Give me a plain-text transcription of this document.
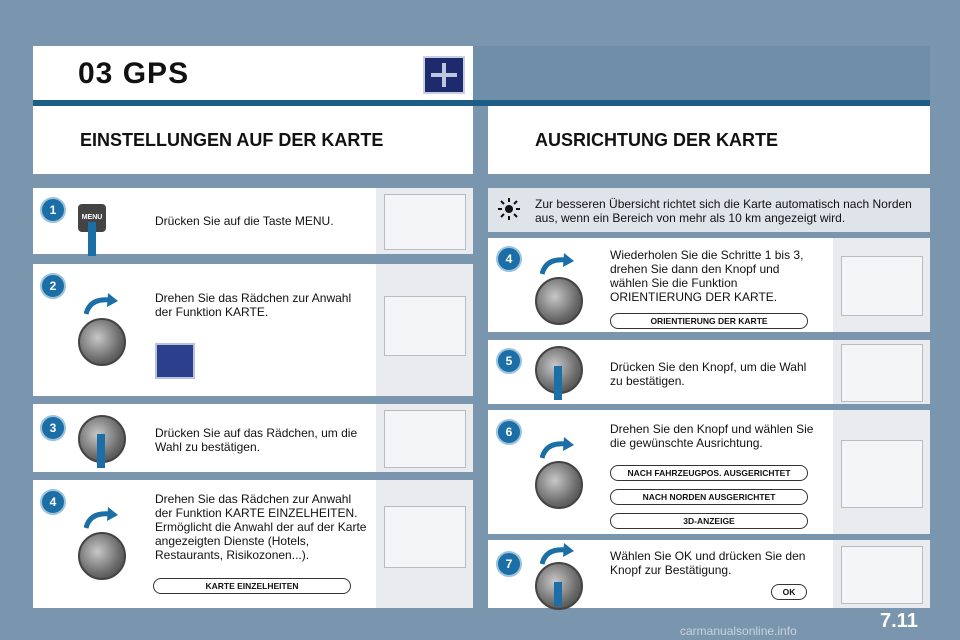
03 GPS
EINSTELLUNGEN AUF DER KARTE	AUSRICHTUNG DER KARTE
1
MENU	Drücken Sie auf die Taste MENU.
2
Drehen Sie das Rädchen zur Anwahl der Funktion KARTE.
3	Drücken Sie auf das Rädchen, um die Wahl zu bestätigen.
4	Drehen Sie das Rädchen zur Anwahl der Funktion KARTE EINZELHEITEN. Ermöglicht die Anwahl der auf der Karte angezeigten Dienste (Hotels, Restaurants, Risikozonen...).
KARTE EINZELHEITEN
Zur besseren Übersicht richtet sich die Karte automatisch nach Norden aus, wenn ein Bereich von mehr als 10 km angezeigt wird.
4	Wiederholen Sie die Schritte 1 bis 3, drehen Sie dann den Knopf und wählen Sie die Funktion ORIENTIERUNG DER KARTE.
ORIENTIERUNG DER KARTE
5	Drücken Sie den Knopf, um die Wahl zu bestätigen.
6	Drehen Sie den Knopf und wählen Sie die gewünschte Ausrichtung.
NACH FAHRZEUGPOS. AUSGERICHTET
NACH NORDEN AUSGERICHTET
3D-ANZEIGE
7
Wählen Sie OK und drücken Sie den Knopf zur Bestätigung.
OK
7.11
carmanualsonline.info
